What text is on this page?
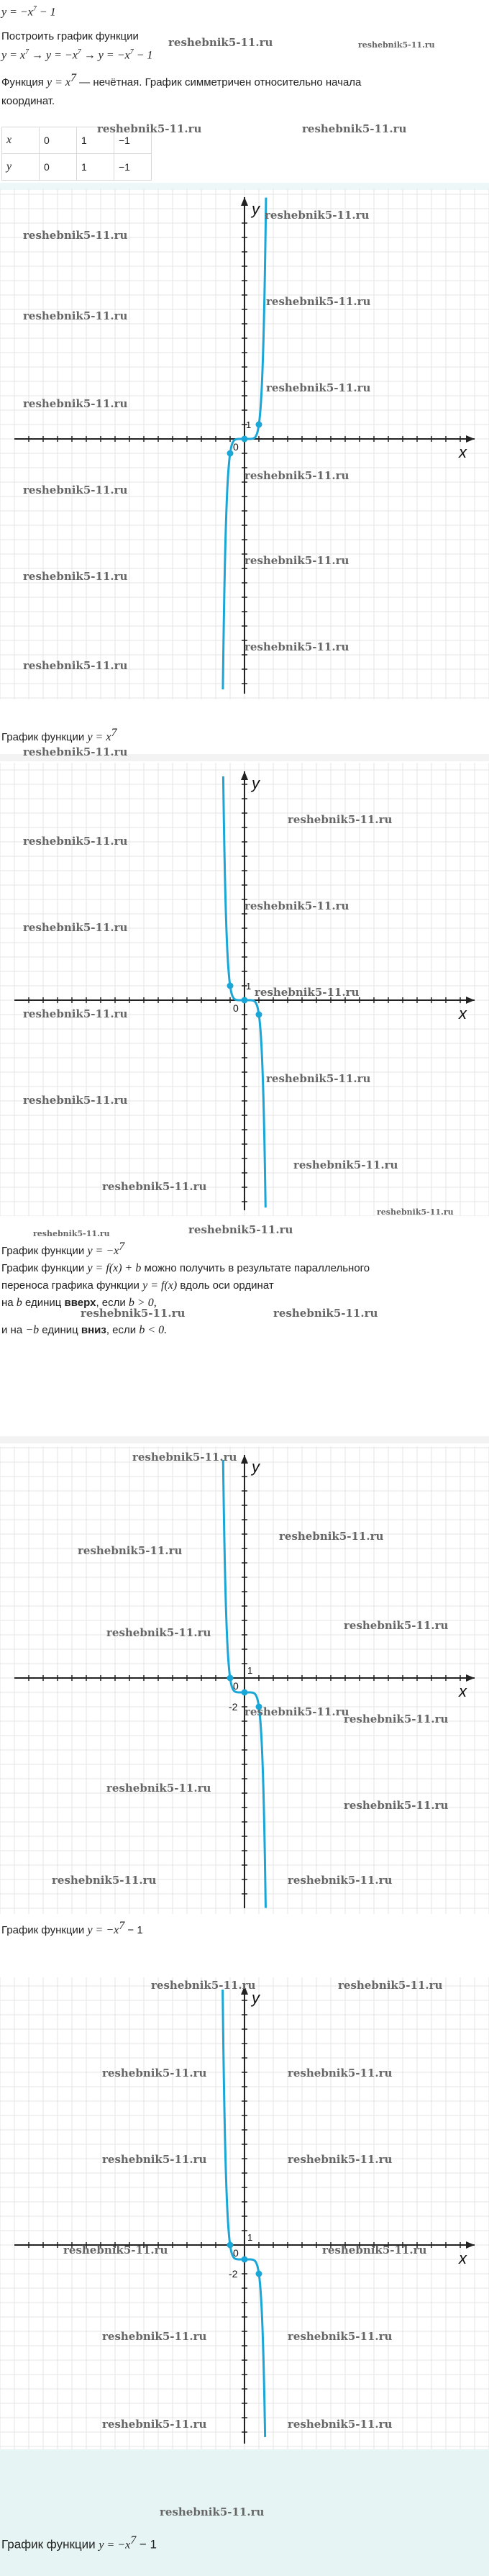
$y = -x^7 - 1$
Построить график функции
$y = x^7 \to y = -x^7 \to y = -x^7 - 1$
Функция $y = x^7$ — нечётная. График симметричен относительно начала
координат.
x	0	1	−1
y	0	1	−1
x
y
0
1
График функции $y = x^7$
x
y
0
1
График функции $y = -x^7$
График функции y = f(x) + b можно получить в результате параллельного
переноса графика функции y = f(x) вдоль оси ординат
на b единиц вверх, если b > 0,
и на −b единиц вниз, если b < 0.
x
y
0
1
-2
График функции $y = -x^7 - 1$
x
y
0
1
-2
График функции $y = -x^7 - 1$
reshebnik5-11.ru	reshebnik5-11.ru
reshebnik5-11.ru	reshebnik5-11.ru
reshebnik5-11.ru
reshebnik5-11.ru
reshebnik5-11.ru
reshebnik5-11.ru
reshebnik5-11.ru
reshebnik5-11.ru
reshebnik5-11.ru
reshebnik5-11.ru
reshebnik5-11.ru
reshebnik5-11.ru
reshebnik5-11.ru
reshebnik5-11.ru
reshebnik5-11.ru
reshebnik5-11.ru
reshebnik5-11.ru
reshebnik5-11.ru
reshebnik5-11.ru
reshebnik5-11.ru
reshebnik5-11.ru
reshebnik5-11.ru
reshebnik5-11.ru
reshebnik5-11.ru
reshebnik5-11.ru
reshebnik5-11.ru
reshebnik5-11.ru	reshebnik5-11.ru
reshebnik5-11.ru	reshebnik5-11.ru
reshebnik5-11.ru
reshebnik5-11.ru
reshebnik5-11.ru
reshebnik5-11.ru
reshebnik5-11.ru
reshebnik5-11.ru
reshebnik5-11.ru
reshebnik5-11.ru
reshebnik5-11.ru
reshebnik5-11.ru	reshebnik5-11.ru
reshebnik5-11.ru	reshebnik5-11.ru
reshebnik5-11.ru	reshebnik5-11.ru
reshebnik5-11.ru	reshebnik5-11.ru
reshebnik5-11.ru	reshebnik5-11.ru
reshebnik5-11.ru	reshebnik5-11.ru
reshebnik5-11.ru	reshebnik5-11.ru
reshebnik5-11.ru
